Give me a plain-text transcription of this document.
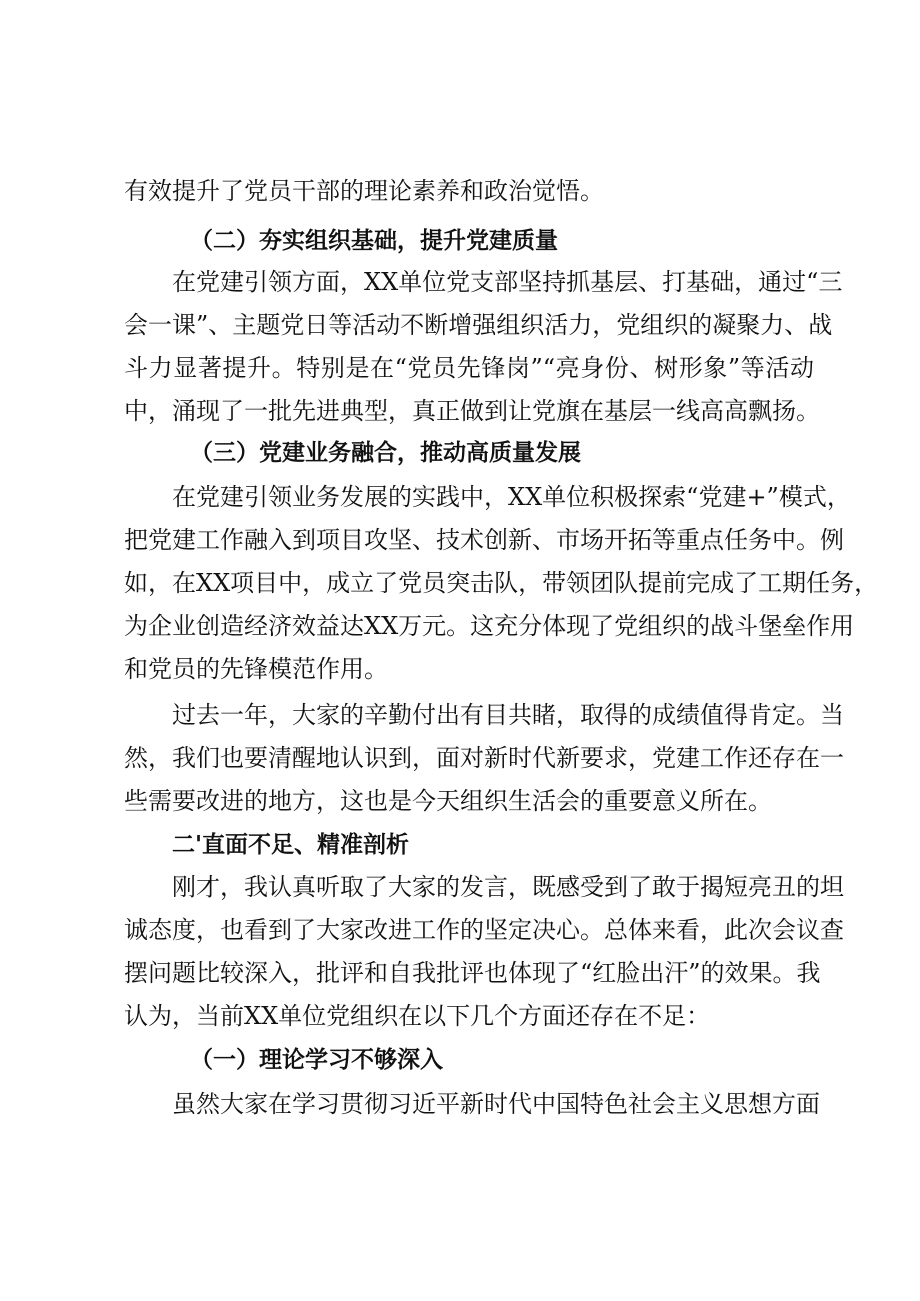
有效提升了党员干部的理论素养和政治觉悟。
（二）夯实组织基础，提升党建质量
在党建引领方面，XX单位党支部坚持抓基层、打基础，通过“三
会一课”、主题党日等活动不断增强组织活力，党组织的凝聚力、战
斗力显著提升。特别是在“党员先锋岗”“亮身份、树形象”等活动
中，涌现了一批先进典型，真正做到让党旗在基层一线高高飘扬。
（三）党建业务融合，推动高质量发展
在党建引领业务发展的实践中，XX单位积极探索“党建+”模式，
把党建工作融入到项目攻坚、技术创新、市场开拓等重点任务中。例
如，在XX项目中，成立了党员突击队，带领团队提前完成了工期任务，
为企业创造经济效益达XX万元。这充分体现了党组织的战斗堡垒作用
和党员的先锋模范作用。
过去一年，大家的辛勤付出有目共睹，取得的成绩值得肯定。当
然，我们也要清醒地认识到，面对新时代新要求，党建工作还存在一
些需要改进的地方，这也是今天组织生活会的重要意义所在。
二'直面不足、精准剖析
刚才，我认真听取了大家的发言，既感受到了敢于揭短亮丑的坦
诚态度，也看到了大家改进工作的坚定决心。总体来看，此次会议查
摆问题比较深入，批评和自我批评也体现了“红脸出汗”的效果。我
认为，当前XX单位党组织在以下几个方面还存在不足：
（一）理论学习不够深入
虽然大家在学习贯彻习近平新时代中国特色社会主义思想方面
